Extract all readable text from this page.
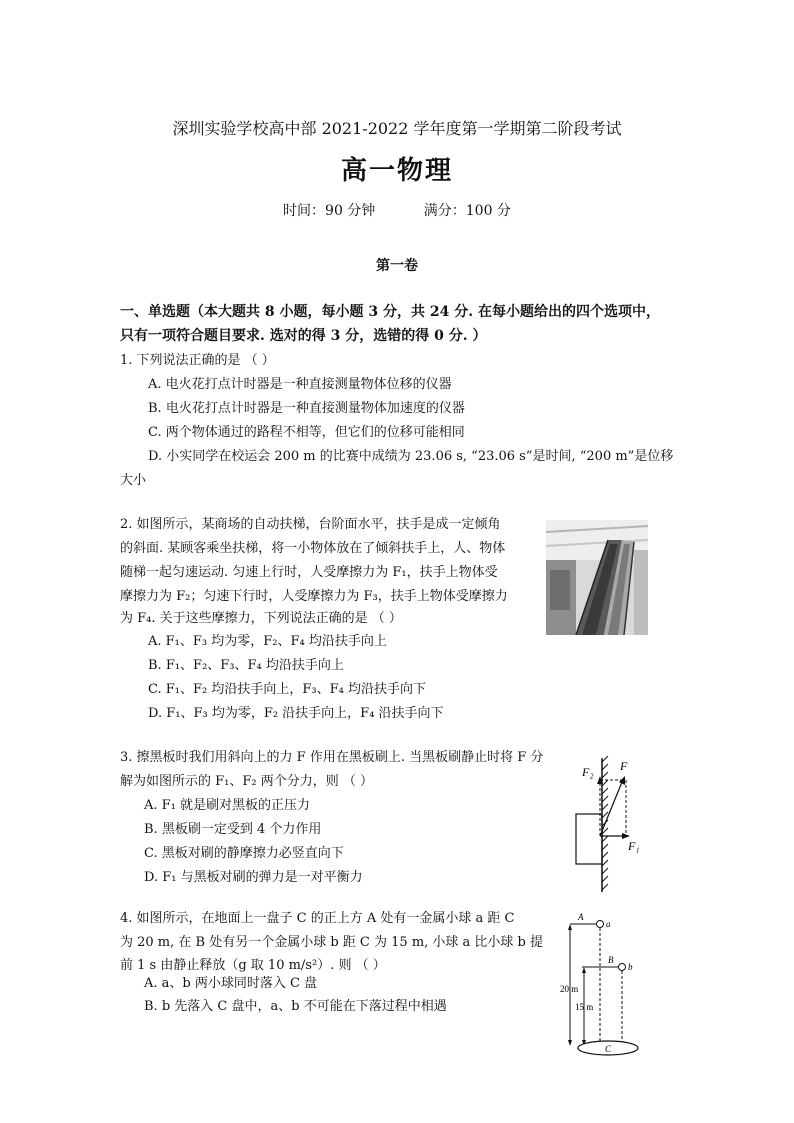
深圳实验学校高中部 2021-2022 学年度第一学期第二阶段考试
高一物理
时间：90 分钟	满分：100 分
第一卷
一、单选题（本大题共 8 小题，每小题 3 分，共 24 分. 在每小题给出的四个选项中，
只有一项符合题目要求. 选对的得 3 分，选错的得 0 分. ）
1. 下列说法正确的是 （ ）
A. 电火花打点计时器是一种直接测量物体位移的仪器
B. 电火花打点计时器是一种直接测量物体加速度的仪器
C. 两个物体通过的路程不相等，但它们的位移可能相同
D. 小实同学在校运会 200 m 的比赛中成绩为 23.06 s, “23.06 s”是时间, “200 m”是位移
大小
2. 如图所示，某商场的自动扶梯，台阶面水平，扶手是成一定倾角
的斜面. 某顾客乘坐扶梯，将一小物体放在了倾斜扶手上，人、物体
随梯一起匀速运动. 匀速上行时，人受摩擦力为 F₁，扶手上物体受
摩擦力为 F₂；匀速下行时，人受摩擦力为 F₃，扶手上物体受摩擦力
为 F₄. 关于这些摩擦力，下列说法正确的是 （ ）
A. F₁、F₃ 均为零，F₂、F₄ 均沿扶手向上
B. F₁、F₂、F₃、F₄ 均沿扶手向上
C. F₁、F₂ 均沿扶手向上，F₃、F₄ 均沿扶手向下
D. F₁、F₃ 均为零，F₂ 沿扶手向上，F₄ 沿扶手向下
3. 擦黑板时我们用斜向上的力 F 作用在黑板刷上. 当黑板刷静止时将 F 分
解为如图所示的 F₁、F₂ 两个分力，则 （ ）
A. F₁ 就是刷对黑板的正压力
B. 黑板刷一定受到 4 个力作用
C. 黑板对刷的静摩擦力必竖直向下
D. F₁ 与黑板对刷的弹力是一对平衡力
F₂ F
F₁
4. 如图所示，在地面上一盘子 C 的正上方 A 处有一金属小球 a 距 C
为 20 m, 在 B 处有另一个金属小球 b 距 C 为 15 m, 小球 a 比小球 b 提
前 1 s 由静止释放（g 取 10 m/s²）. 则 （ ）
A. a、b 两小球同时落入 C 盘
B. b 先落入 C 盘中，a、b 不可能在下落过程中相遇
A
a
B
b
20 m
15 m
C
